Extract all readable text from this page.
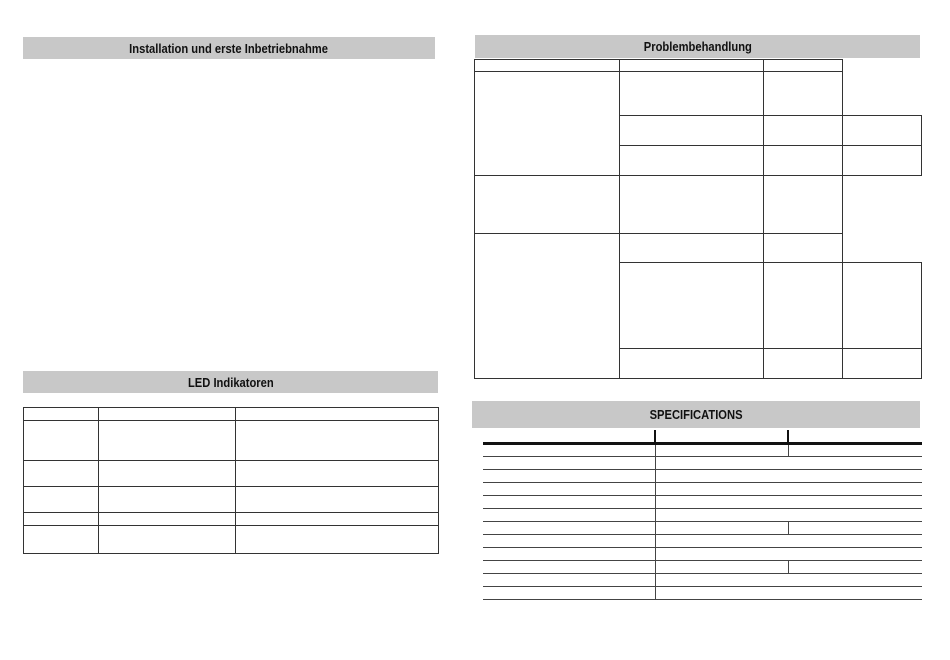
Installation und erste Inbetriebnahme
LED Indikatoren

Problembehandlung

SPECIFICATIONS
